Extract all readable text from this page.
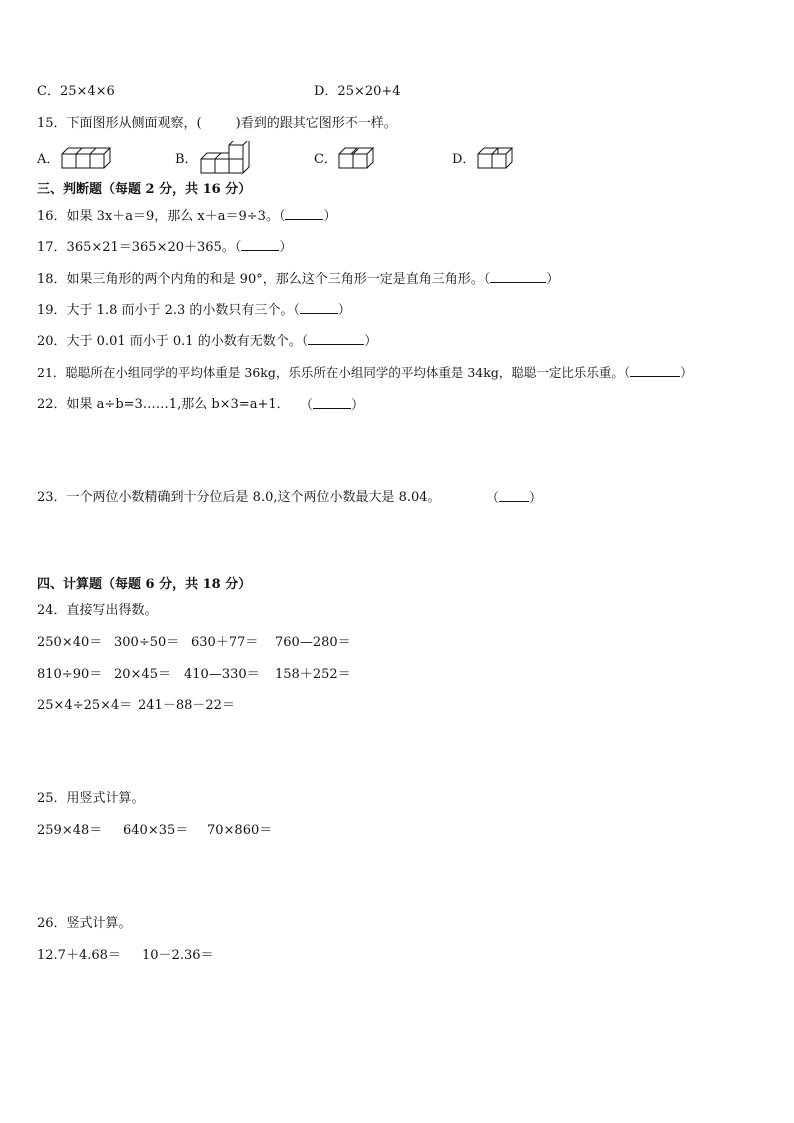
C．25×4×6	D．25×20+4
15．下面图形从侧面观察，(	)看到的跟其它图形不一样。
A．	B．	C．	D．
三、判断题（每题 2 分，共 16 分）
16．如果 3x＋a＝9，那么 x＋a＝9÷3。（	）
17．365×21＝365×20＋365。（	）
18．如果三角形的两个内角的和是 90°，那么这个三角形一定是直角三角形。（	）
19．大于 1.8 而小于 2.3 的小数只有三个。（	）
20．大于 0.01 而小于 0.1 的小数有无数个。（	）
21．聪聪所在小组同学的平均体重是 36kg，乐乐所在小组同学的平均体重是 34kg，聪聪一定比乐乐重。（	）
22．如果 a÷b=3……1,那么 b×3=a+1． （	）
23．一个两位小数精确到十分位后是 8.0,这个两位小数最大是 8.04。	（ ）
四、计算题（每题 6 分，共 18 分）
24．直接写出得数。
250×40＝ 300÷50＝ 630＋77＝ 760—280＝
810÷90＝ 20×45＝ 410—330＝ 158＋252＝
25×4÷25×4＝ 241－88－22＝
25．用竖式计算。
259×48＝ 640×35＝ 70×860＝
26．竖式计算。
12.7＋4.68＝ 10－2.36＝
